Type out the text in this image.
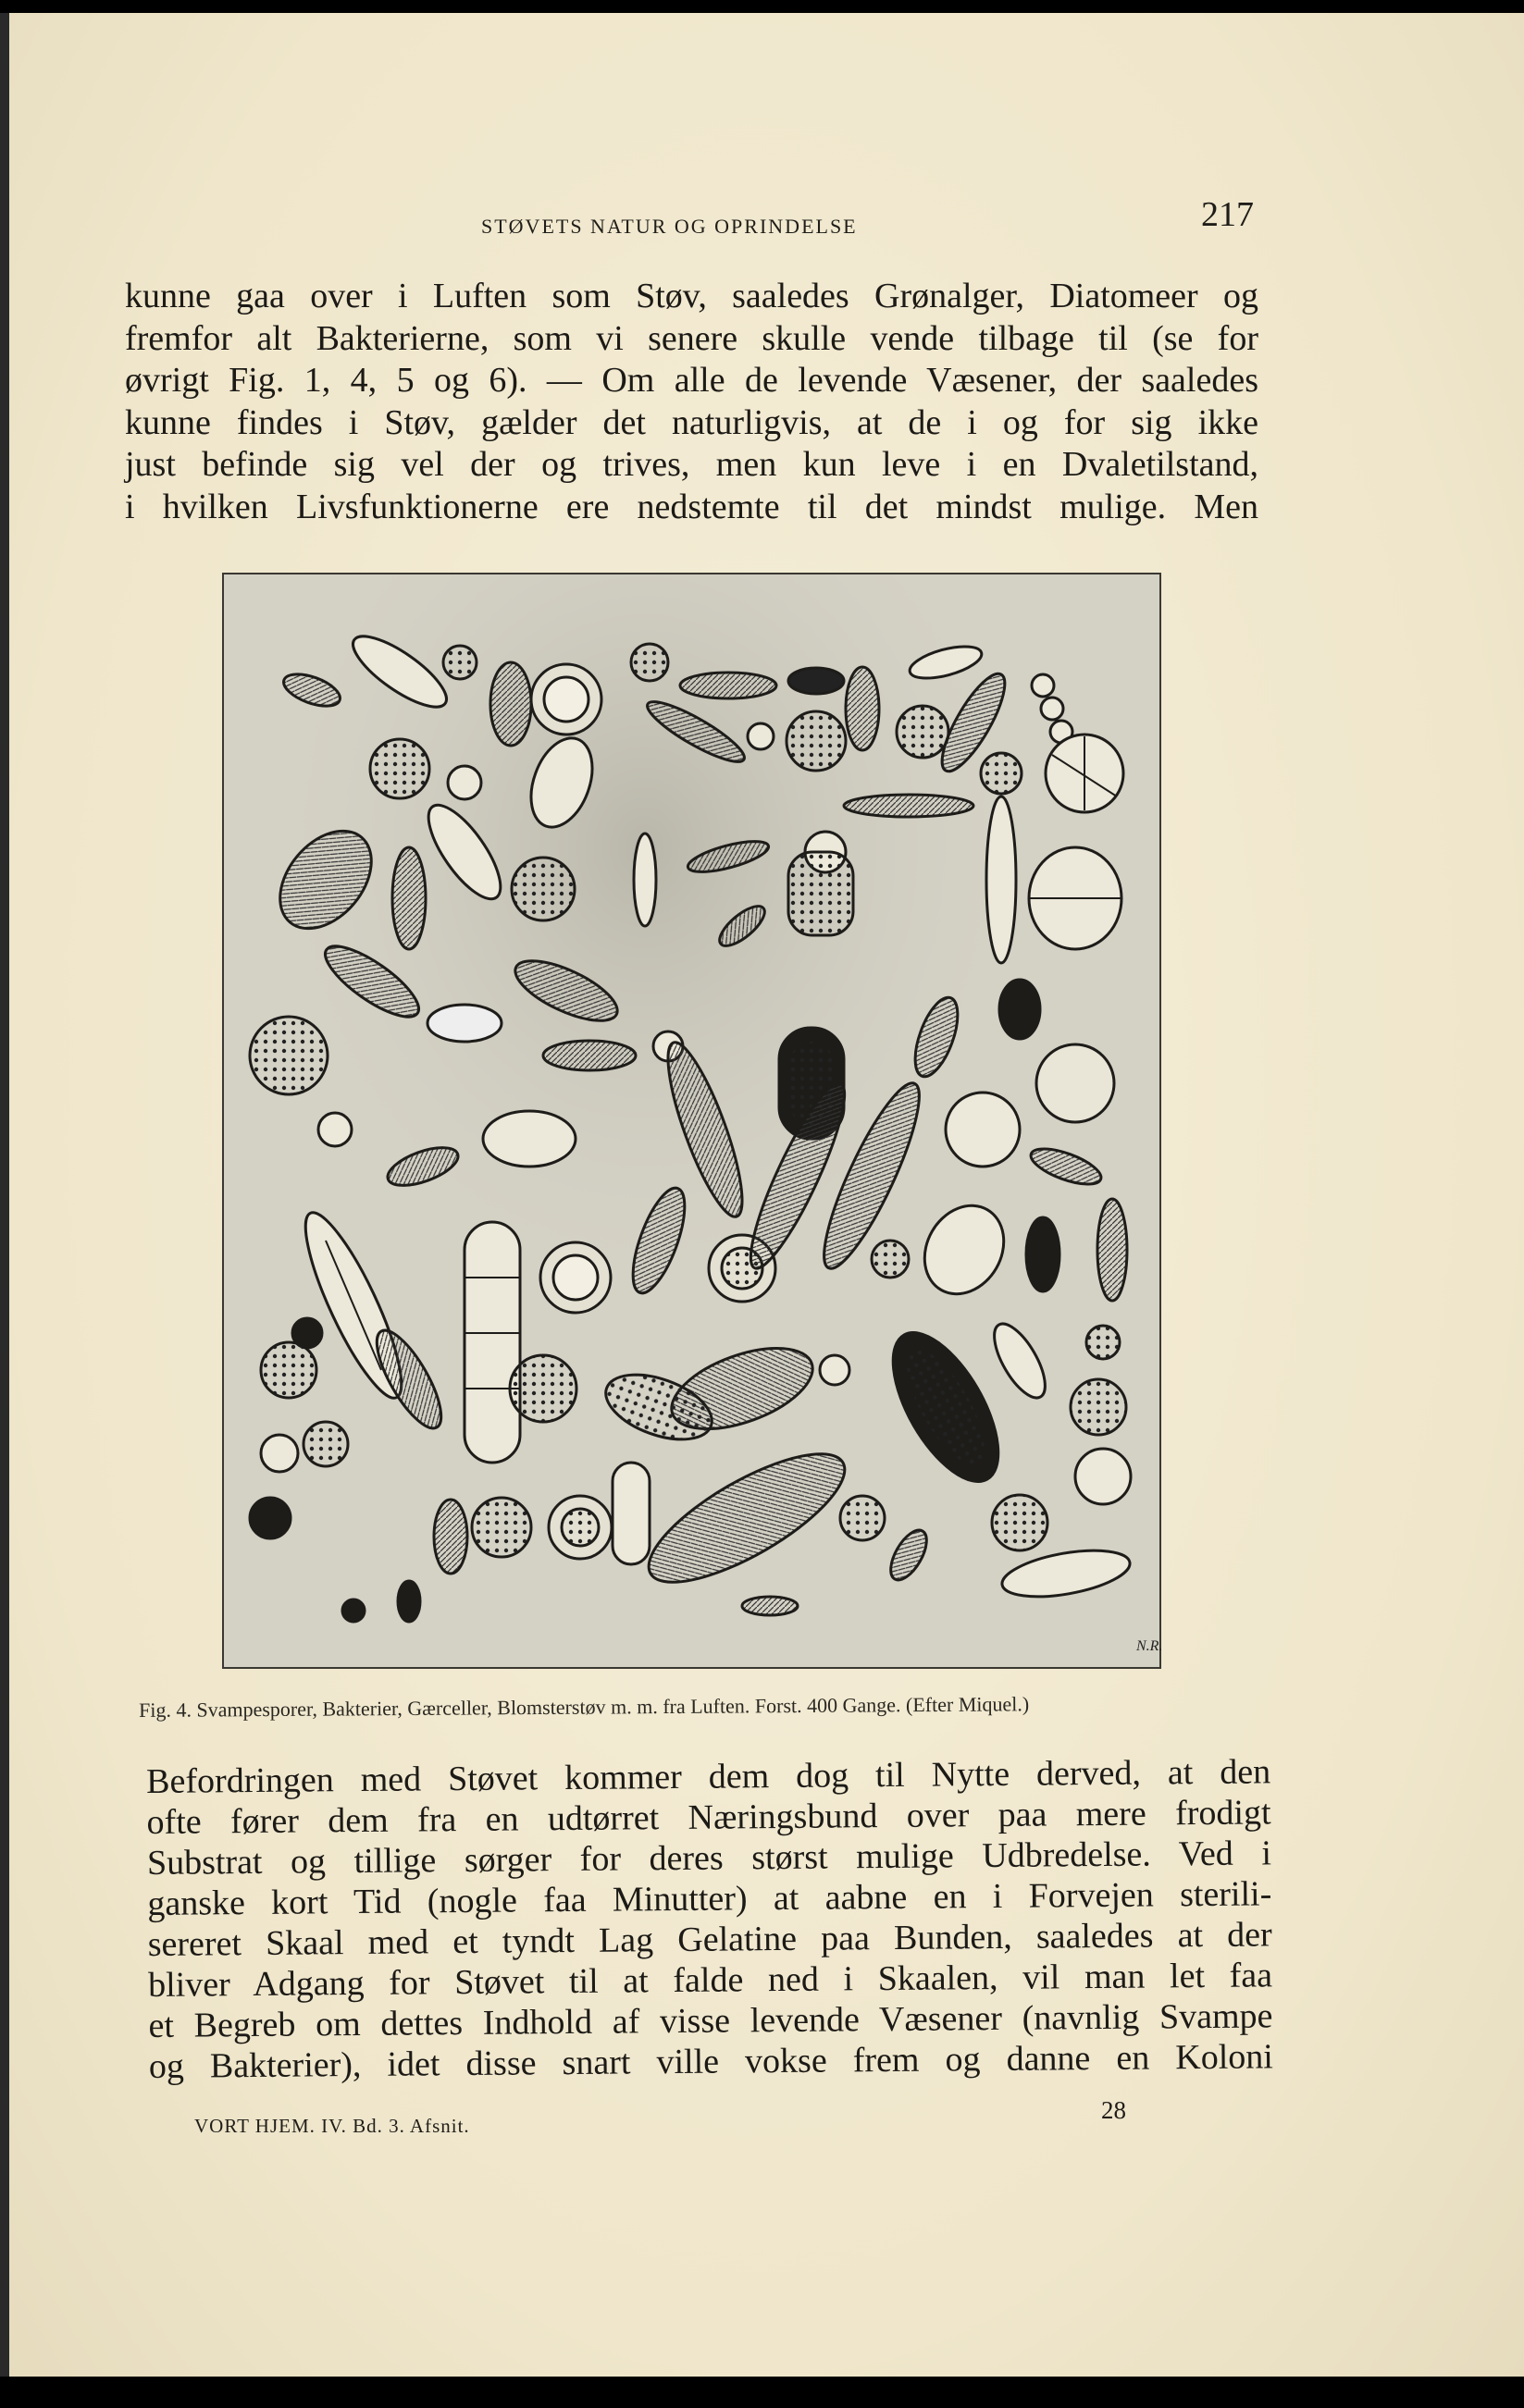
STØVETS NATUR OG OPRINDELSE	217
kunne gaa over i Luften som Støv, saaledes Grønalger, Diatomeer og
fremfor alt Bakterierne, som vi senere skulle vende tilbage til (se for
øvrigt Fig. 1, 4, 5 og 6). — Om alle de levende Væsener, der saaledes
kunne findes i Støv, gælder det naturligvis, at de i og for sig ikke
just befinde sig vel der og trives, men kun leve i en Dvaletilstand,
i hvilken Livsfunktionerne ere nedstemte til det mindst mulige. Men
N.R.
Fig. 4. Svampesporer, Bakterier, Gærceller, Blomsterstøv m. m. fra Luften. Forst. 400 Gange. (Efter Miquel.)
Befordringen med Støvet kommer dem dog til Nytte derved, at den
ofte fører dem fra en udtørret Næringsbund over paa mere frodigt
Substrat og tillige sørger for deres størst mulige Udbredelse. Ved i
ganske kort Tid (nogle faa Minutter) at aabne en i Forvejen sterili-
sereret Skaal med et tyndt Lag Gelatine paa Bunden, saaledes at der
bliver Adgang for Støvet til at falde ned i Skaalen, vil man let faa
et Begreb om dettes Indhold af visse levende Væsener (navnlig Svampe
og Bakterier), idet disse snart ville vokse frem og danne en Koloni
VORT HJEM. IV. Bd. 3. Afsnit.
28
